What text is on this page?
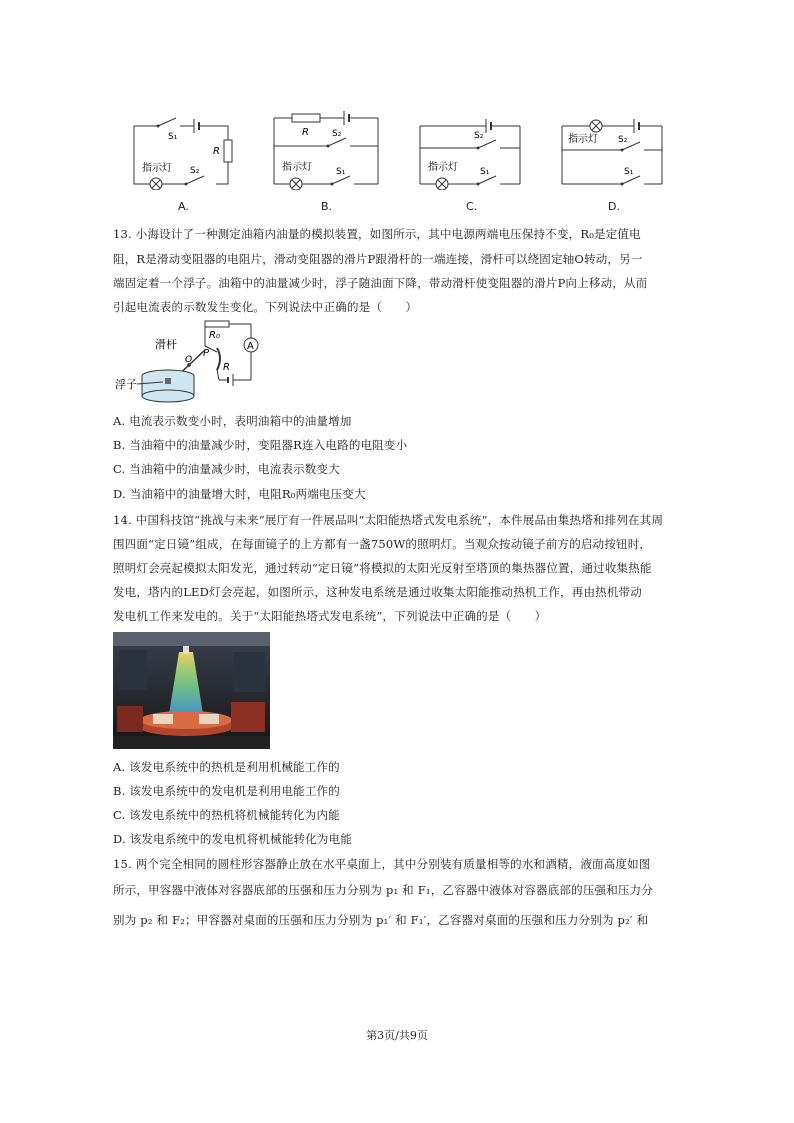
R
S₁
S₂
指示灯
A.
R	S₂
S₁
指示灯
B.
S₂
S₁
指示灯
C.
S₂
指示灯
S₁
D.
13. 小海设计了一种测定油箱内油量的模拟装置，如图所示，其中电源两端电压保持不变，R₀是定值电
阻，R是滑动变阻器的电阻片，滑动变阻器的滑片P跟滑杆的一端连接，滑杆可以绕固定轴O转动，另一
端固定着一个浮子。油箱中的油量减少时，浮子随油面下降，带动滑杆使变阻器的滑片P向上移动，从而
引起电流表的示数发生变化。下列说法中正确的是（　　）
A
R₀
P
R
滑杆
O
浮子
A. 电流表示数变小时，表明油箱中的油量增加
B. 当油箱中的油量减少时，变阻器R连入电路的电阻变小
C. 当油箱中的油量减少时，电流表示数变大
D. 当油箱中的油量增大时，电阻R₀两端电压变大
14. 中国科技馆“挑战与未来”展厅有一件展品叫“太阳能热塔式发电系统”，本件展品由集热塔和排列在其周
围四面“定日镜”组成，在每面镜子的上方都有一盏750W的照明灯。当观众按动镜子前方的启动按钮时，
照明灯会亮起模拟太阳发光，通过转动“定日镜”将模拟的太阳光反射至塔顶的集热器位置，通过收集热能
发电，塔内的LED灯会亮起，如图所示，这种发电系统是通过收集太阳能推动热机工作，再由热机带动
发电机工作来发电的。关于“太阳能热塔式发电系统”，下列说法中正确的是（　　）
A. 该发电系统中的热机是利用机械能工作的
B. 该发电系统中的发电机是利用电能工作的
C. 该发电系统中的热机将机械能转化为内能
D. 该发电系统中的发电机将机械能转化为电能
15. 两个完全相同的圆柱形容器静止放在水平桌面上，其中分别装有质量相等的水和酒精，液面高度如图
所示，甲容器中液体对容器底部的压强和压力分别为 p₁ 和 F₁，乙容器中液体对容器底部的压强和压力分
别为 p₂ 和 F₂；甲容器对桌面的压强和压力分别为 p₁′ 和 F₁′，乙容器对桌面的压强和压力分别为 p₂′ 和
第3页/共9页
